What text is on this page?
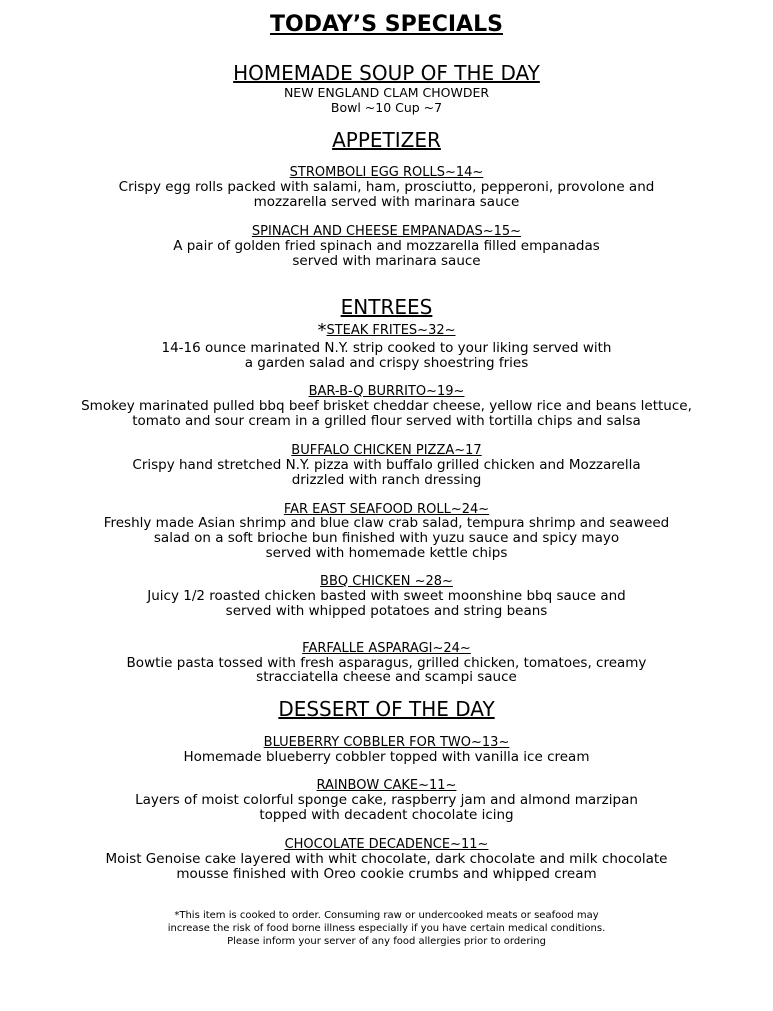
TODAY’S SPECIALS
HOMEMADE SOUP OF THE DAY
NEW ENGLAND CLAM CHOWDER
Bowl ~10 Cup ~7
APPETIZER
STROMBOLI EGG ROLLS~14~
Crispy egg rolls packed with salami, ham, prosciutto, pepperoni, provolone and
mozzarella served with marinara sauce
SPINACH AND CHEESE EMPANADAS~15~
A pair of golden fried spinach and mozzarella filled empanadas
served with marinara sauce
ENTREES
*STEAK FRITES~32~
14-16 ounce marinated N.Y. strip cooked to your liking served with
a garden salad and crispy shoestring fries
BAR-B-Q BURRITO~19~
Smokey marinated pulled bbq beef brisket cheddar cheese, yellow rice and beans lettuce,
tomato and sour cream in a grilled flour served with tortilla chips and salsa
BUFFALO CHICKEN PIZZA~17
Crispy hand stretched N.Y. pizza with buffalo grilled chicken and Mozzarella
drizzled with ranch dressing
FAR EAST SEAFOOD ROLL~24~
Freshly made Asian shrimp and blue claw crab salad, tempura shrimp and seaweed
salad on a soft brioche bun finished with yuzu sauce and spicy mayo
served with homemade kettle chips
BBQ CHICKEN ~28~
Juicy 1/2 roasted chicken basted with sweet moonshine bbq sauce and
served with whipped potatoes and string beans
FARFALLE ASPARAGI~24~
Bowtie pasta tossed with fresh asparagus, grilled chicken, tomatoes, creamy
stracciatella cheese and scampi sauce
DESSERT OF THE DAY
BLUEBERRY COBBLER FOR TWO~13~
Homemade blueberry cobbler topped with vanilla ice cream
RAINBOW CAKE~11~
Layers of moist colorful sponge cake, raspberry jam and almond marzipan
topped with decadent chocolate icing
CHOCOLATE DECADENCE~11~
Moist Genoise cake layered with whit chocolate, dark chocolate and milk chocolate
mousse finished with Oreo cookie crumbs and whipped cream
*This item is cooked to order. Consuming raw or undercooked meats or seafood may
increase the risk of food borne illness especially if you have certain medical conditions.
Please inform your server of any food allergies prior to ordering
